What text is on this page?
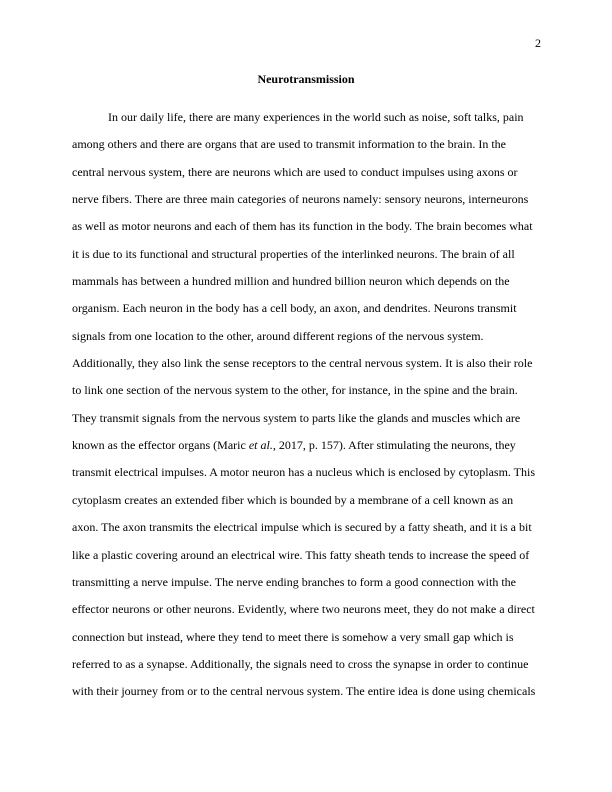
2
Neurotransmission
In our daily life, there are many experiences in the world such as noise, soft talks, pain
among others and there are organs that are used to transmit information to the brain. In the
central nervous system, there are neurons which are used to conduct impulses using axons or
nerve fibers. There are three main categories of neurons namely: sensory neurons, interneurons
as well as motor neurons and each of them has its function in the body. The brain becomes what
it is due to its functional and structural properties of the interlinked neurons. The brain of all
mammals has between a hundred million and hundred billion neuron which depends on the
organism. Each neuron in the body has a cell body, an axon, and dendrites. Neurons transmit
signals from one location to the other, around different regions of the nervous system.
Additionally, they also link the sense receptors to the central nervous system. It is also their role
to link one section of the nervous system to the other, for instance, in the spine and the brain.
They transmit signals from the nervous system to parts like the glands and muscles which are
known as the effector organs (Maric et al., 2017, p. 157). After stimulating the neurons, they
transmit electrical impulses. A motor neuron has a nucleus which is enclosed by cytoplasm. This
cytoplasm creates an extended fiber which is bounded by a membrane of a cell known as an
axon. The axon transmits the electrical impulse which is secured by a fatty sheath, and it is a bit
like a plastic covering around an electrical wire. This fatty sheath tends to increase the speed of
transmitting a nerve impulse. The nerve ending branches to form a good connection with the
effector neurons or other neurons. Evidently, where two neurons meet, they do not make a direct
connection but instead, where they tend to meet there is somehow a very small gap which is
referred to as a synapse. Additionally, the signals need to cross the synapse in order to continue
with their journey from or to the central nervous system. The entire idea is done using chemicals
